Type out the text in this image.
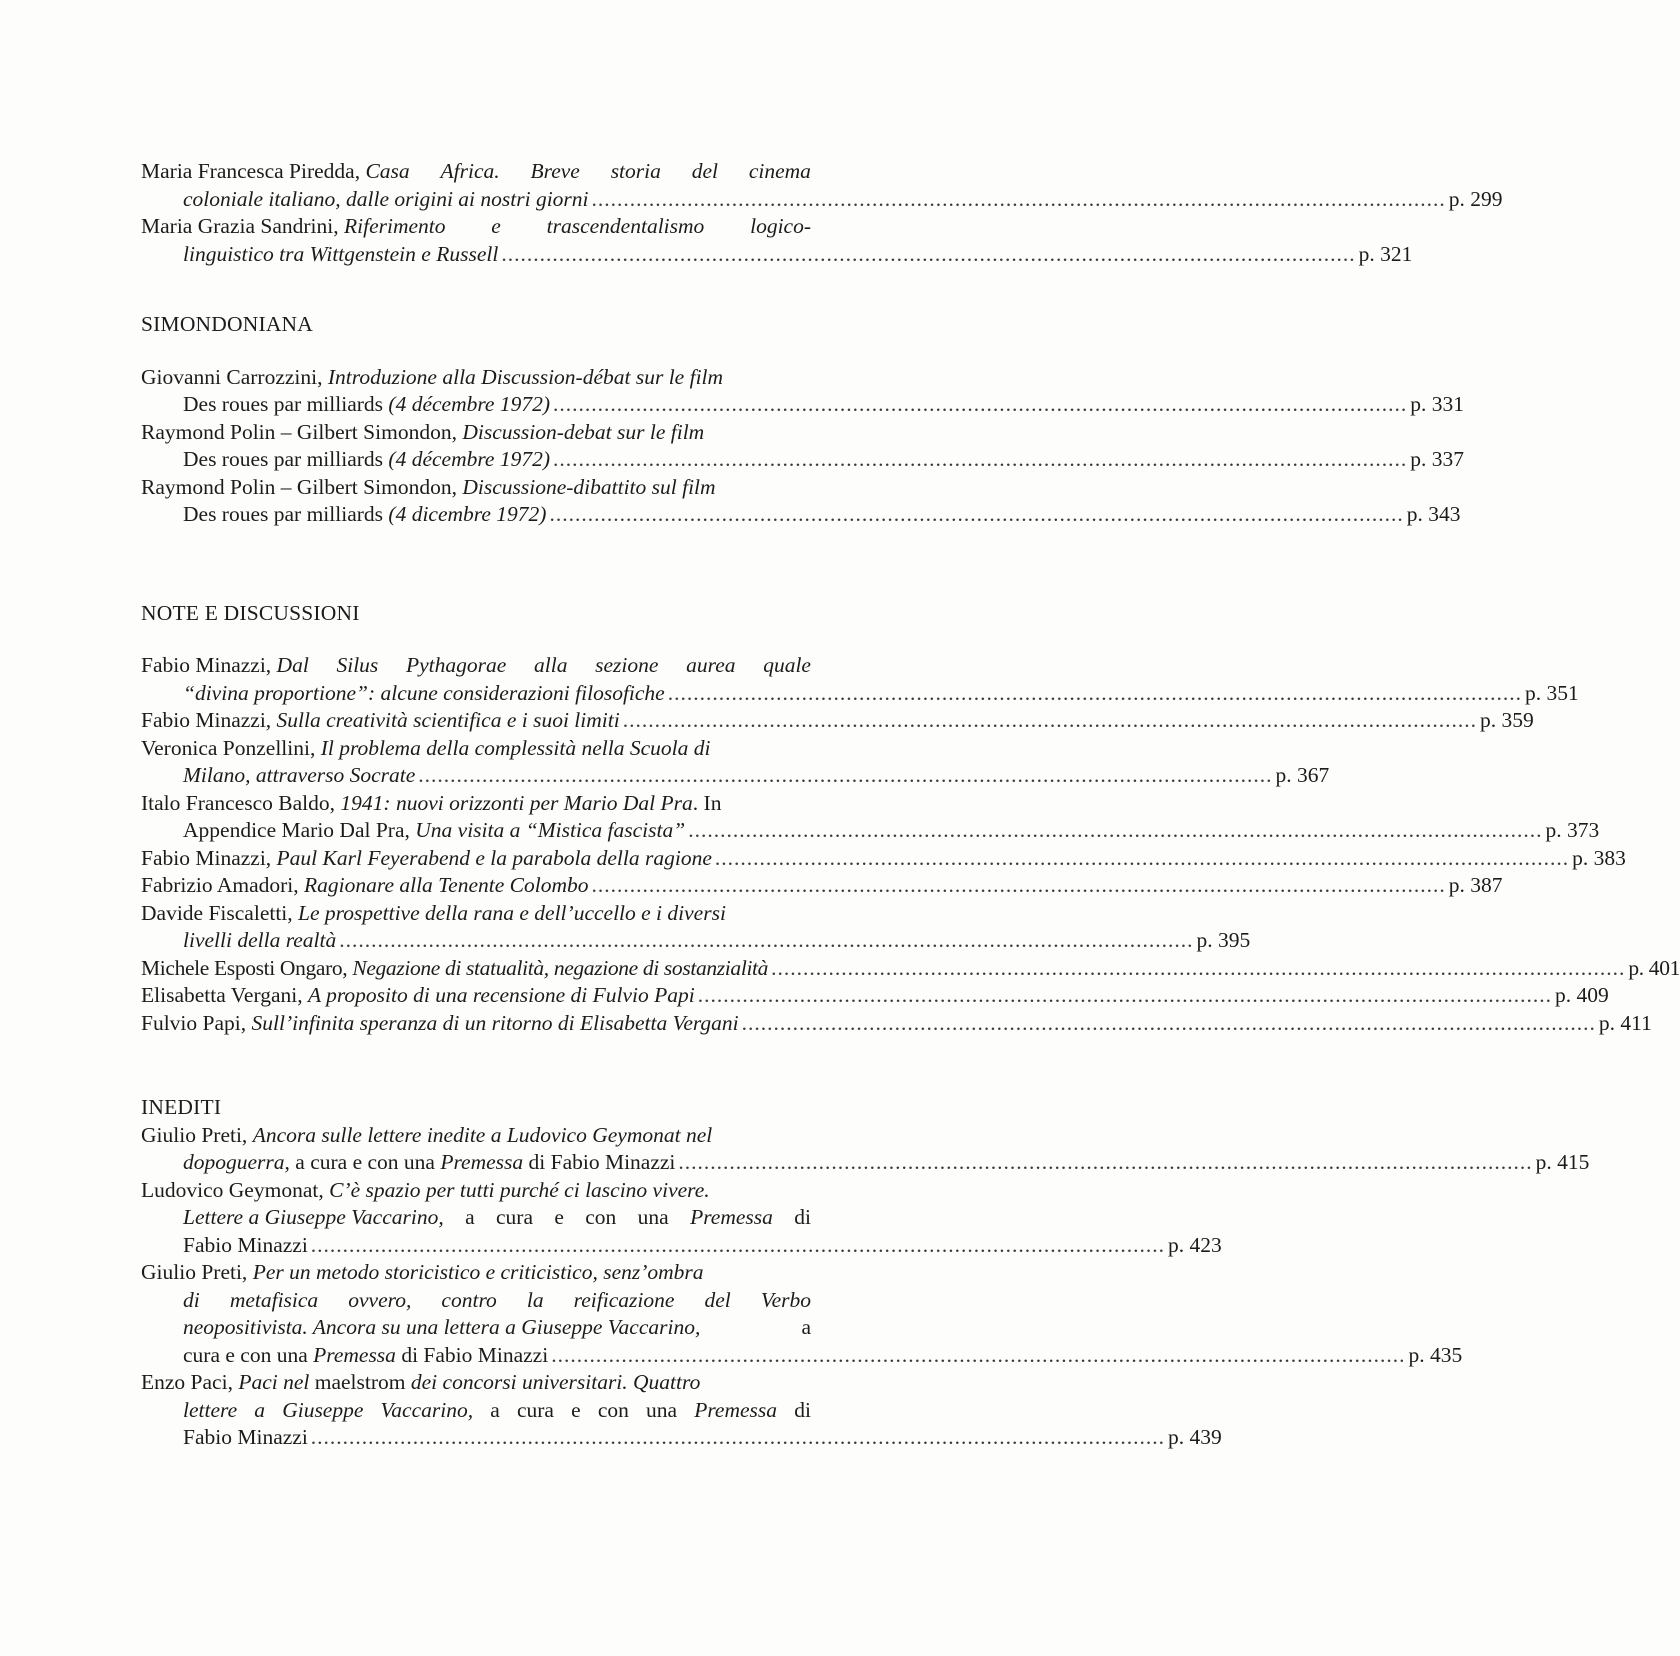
Maria Francesca Piredda, Casa Africa. Breve storia del cinema
coloniale italiano, dalle origini ai nostri giorni ...................................................................................................................................... p. 299
Maria Grazia Sandrini, Riferimento e trascendentalismo logico-
linguistico tra Wittgenstein e Russell ...................................................................................................................................... p. 321
SIMONDONIANA
Giovanni Carrozzini, Introduzione alla Discussion-débat sur le film
Des roues par milliards (4 décembre 1972) ...................................................................................................................................... p. 331
Raymond Polin – Gilbert Simondon, Discussion-debat sur le film
Des roues par milliards (4 décembre 1972) ...................................................................................................................................... p. 337
Raymond Polin – Gilbert Simondon, Discussione-dibattito sul film
Des roues par milliards (4 dicembre 1972) ...................................................................................................................................... p. 343
NOTE E DISCUSSIONI
Fabio Minazzi, Dal Silus Pythagorae alla sezione aurea quale
“divina proportione”: alcune considerazioni filosofiche ...................................................................................................................................... p. 351
Fabio Minazzi, Sulla creatività scientifica e i suoi limiti ...................................................................................................................................... p. 359
Veronica Ponzellini, Il problema della complessità nella Scuola di
Milano, attraverso Socrate ...................................................................................................................................... p. 367
Italo Francesco Baldo, 1941: nuovi orizzonti per Mario Dal Pra. In
Appendice Mario Dal Pra, Una visita a “Mistica fascista” ...................................................................................................................................... p. 373
Fabio Minazzi, Paul Karl Feyerabend e la parabola della ragione ...................................................................................................................................... p. 383
Fabrizio Amadori, Ragionare alla Tenente Colombo ...................................................................................................................................... p. 387
Davide Fiscaletti, Le prospettive della rana e dell’uccello e i diversi
livelli della realtà ...................................................................................................................................... p. 395
Michele Esposti Ongaro, Negazione di statualità, negazione di sostanzialità ...................................................................................................................................... p. 401
Elisabetta Vergani, A proposito di una recensione di Fulvio Papi ...................................................................................................................................... p. 409
Fulvio Papi, Sull’infinita speranza di un ritorno di Elisabetta Vergani ...................................................................................................................................... p. 411
INEDITI
Giulio Preti, Ancora sulle lettere inedite a Ludovico Geymonat nel
dopoguerra, a cura e con una Premessa di Fabio Minazzi ...................................................................................................................................... p. 415
Ludovico Geymonat, C’è spazio per tutti purché ci lascino vivere.
Lettere a Giuseppe Vaccarino, a cura e con una Premessa di
Fabio Minazzi ...................................................................................................................................... p. 423
Giulio Preti, Per un metodo storicistico e criticistico, senz’ombra
di metafisica ovvero, contro la reificazione del Verbo
neopositivista. Ancora su una lettera a Giuseppe Vaccarino,	a
cura e con una Premessa di Fabio Minazzi ...................................................................................................................................... p. 435
Enzo Paci, Paci nel maelstrom dei concorsi universitari. Quattro
lettere a Giuseppe Vaccarino, a cura e con una Premessa di
Fabio Minazzi ...................................................................................................................................... p. 439
